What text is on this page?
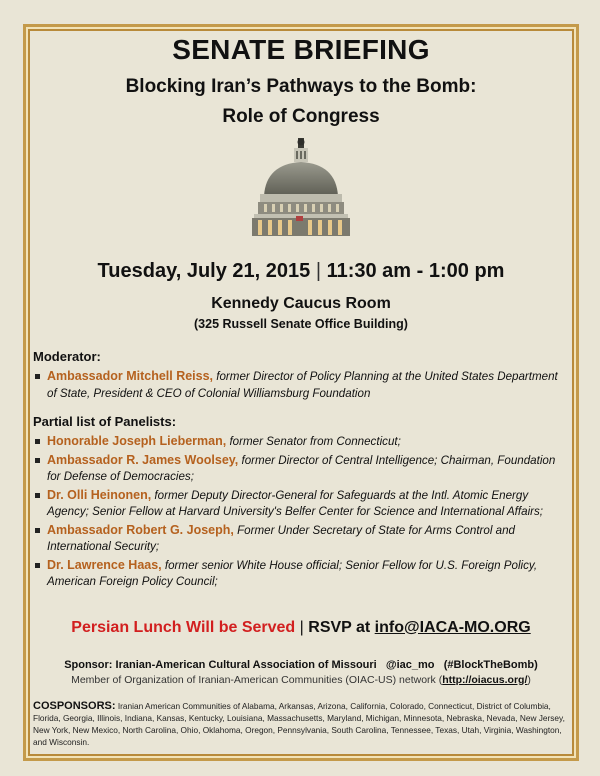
SENATE BRIEFING
Blocking Iran’s Pathways to the Bomb:
Role of Congress
Tuesday, July 21, 2015 | 11:30 am - 1:00 pm
Kennedy Caucus Room
(325 Russell Senate Office Building)
Moderator:
Ambassador Mitchell Reiss, former Director of Policy Planning at the United States Department of State, President & CEO of Colonial Williamsburg Foundation
Partial list of Panelists:
Honorable Joseph Lieberman, former Senator from Connecticut;
Ambassador R. James Woolsey, former Director of Central Intelligence; Chairman, Foundation for Defense of Democracies;
Dr. Olli Heinonen, former Deputy Director-General for Safeguards at the Intl. Atomic Energy Agency; Senior Fellow at Harvard University's Belfer Center for Science and International Affairs;
Ambassador Robert G. Joseph, Former Under Secretary of State for Arms Control and International Security;
Dr. Lawrence Haas, former senior White House official; Senior Fellow for U.S. Foreign Policy, American Foreign Policy Council;
Persian Lunch Will be Served | RSVP at info@IACA-MO.ORG
Sponsor: Iranian-American Cultural Association of Missouri   @iac_mo   (#BlockTheBomb)
Member of Organization of Iranian-American Communities (OIAC-US) network (http://oiacus.org/)
COSPONSORS: Iranian American Communities of Alabama, Arkansas, Arizona, California, Colorado, Connecticut, District of Columbia, Florida, Georgia, Illinois, Indiana, Kansas, Kentucky, Louisiana, Massachusetts, Maryland, Michigan, Minnesota, Nebraska, Nevada, New Jersey, New York, New Mexico, North Carolina, Ohio, Oklahoma, Oregon, Pennsylvania, South Carolina, Tennessee, Texas, Utah, Virginia, Washington, and Wisconsin.
